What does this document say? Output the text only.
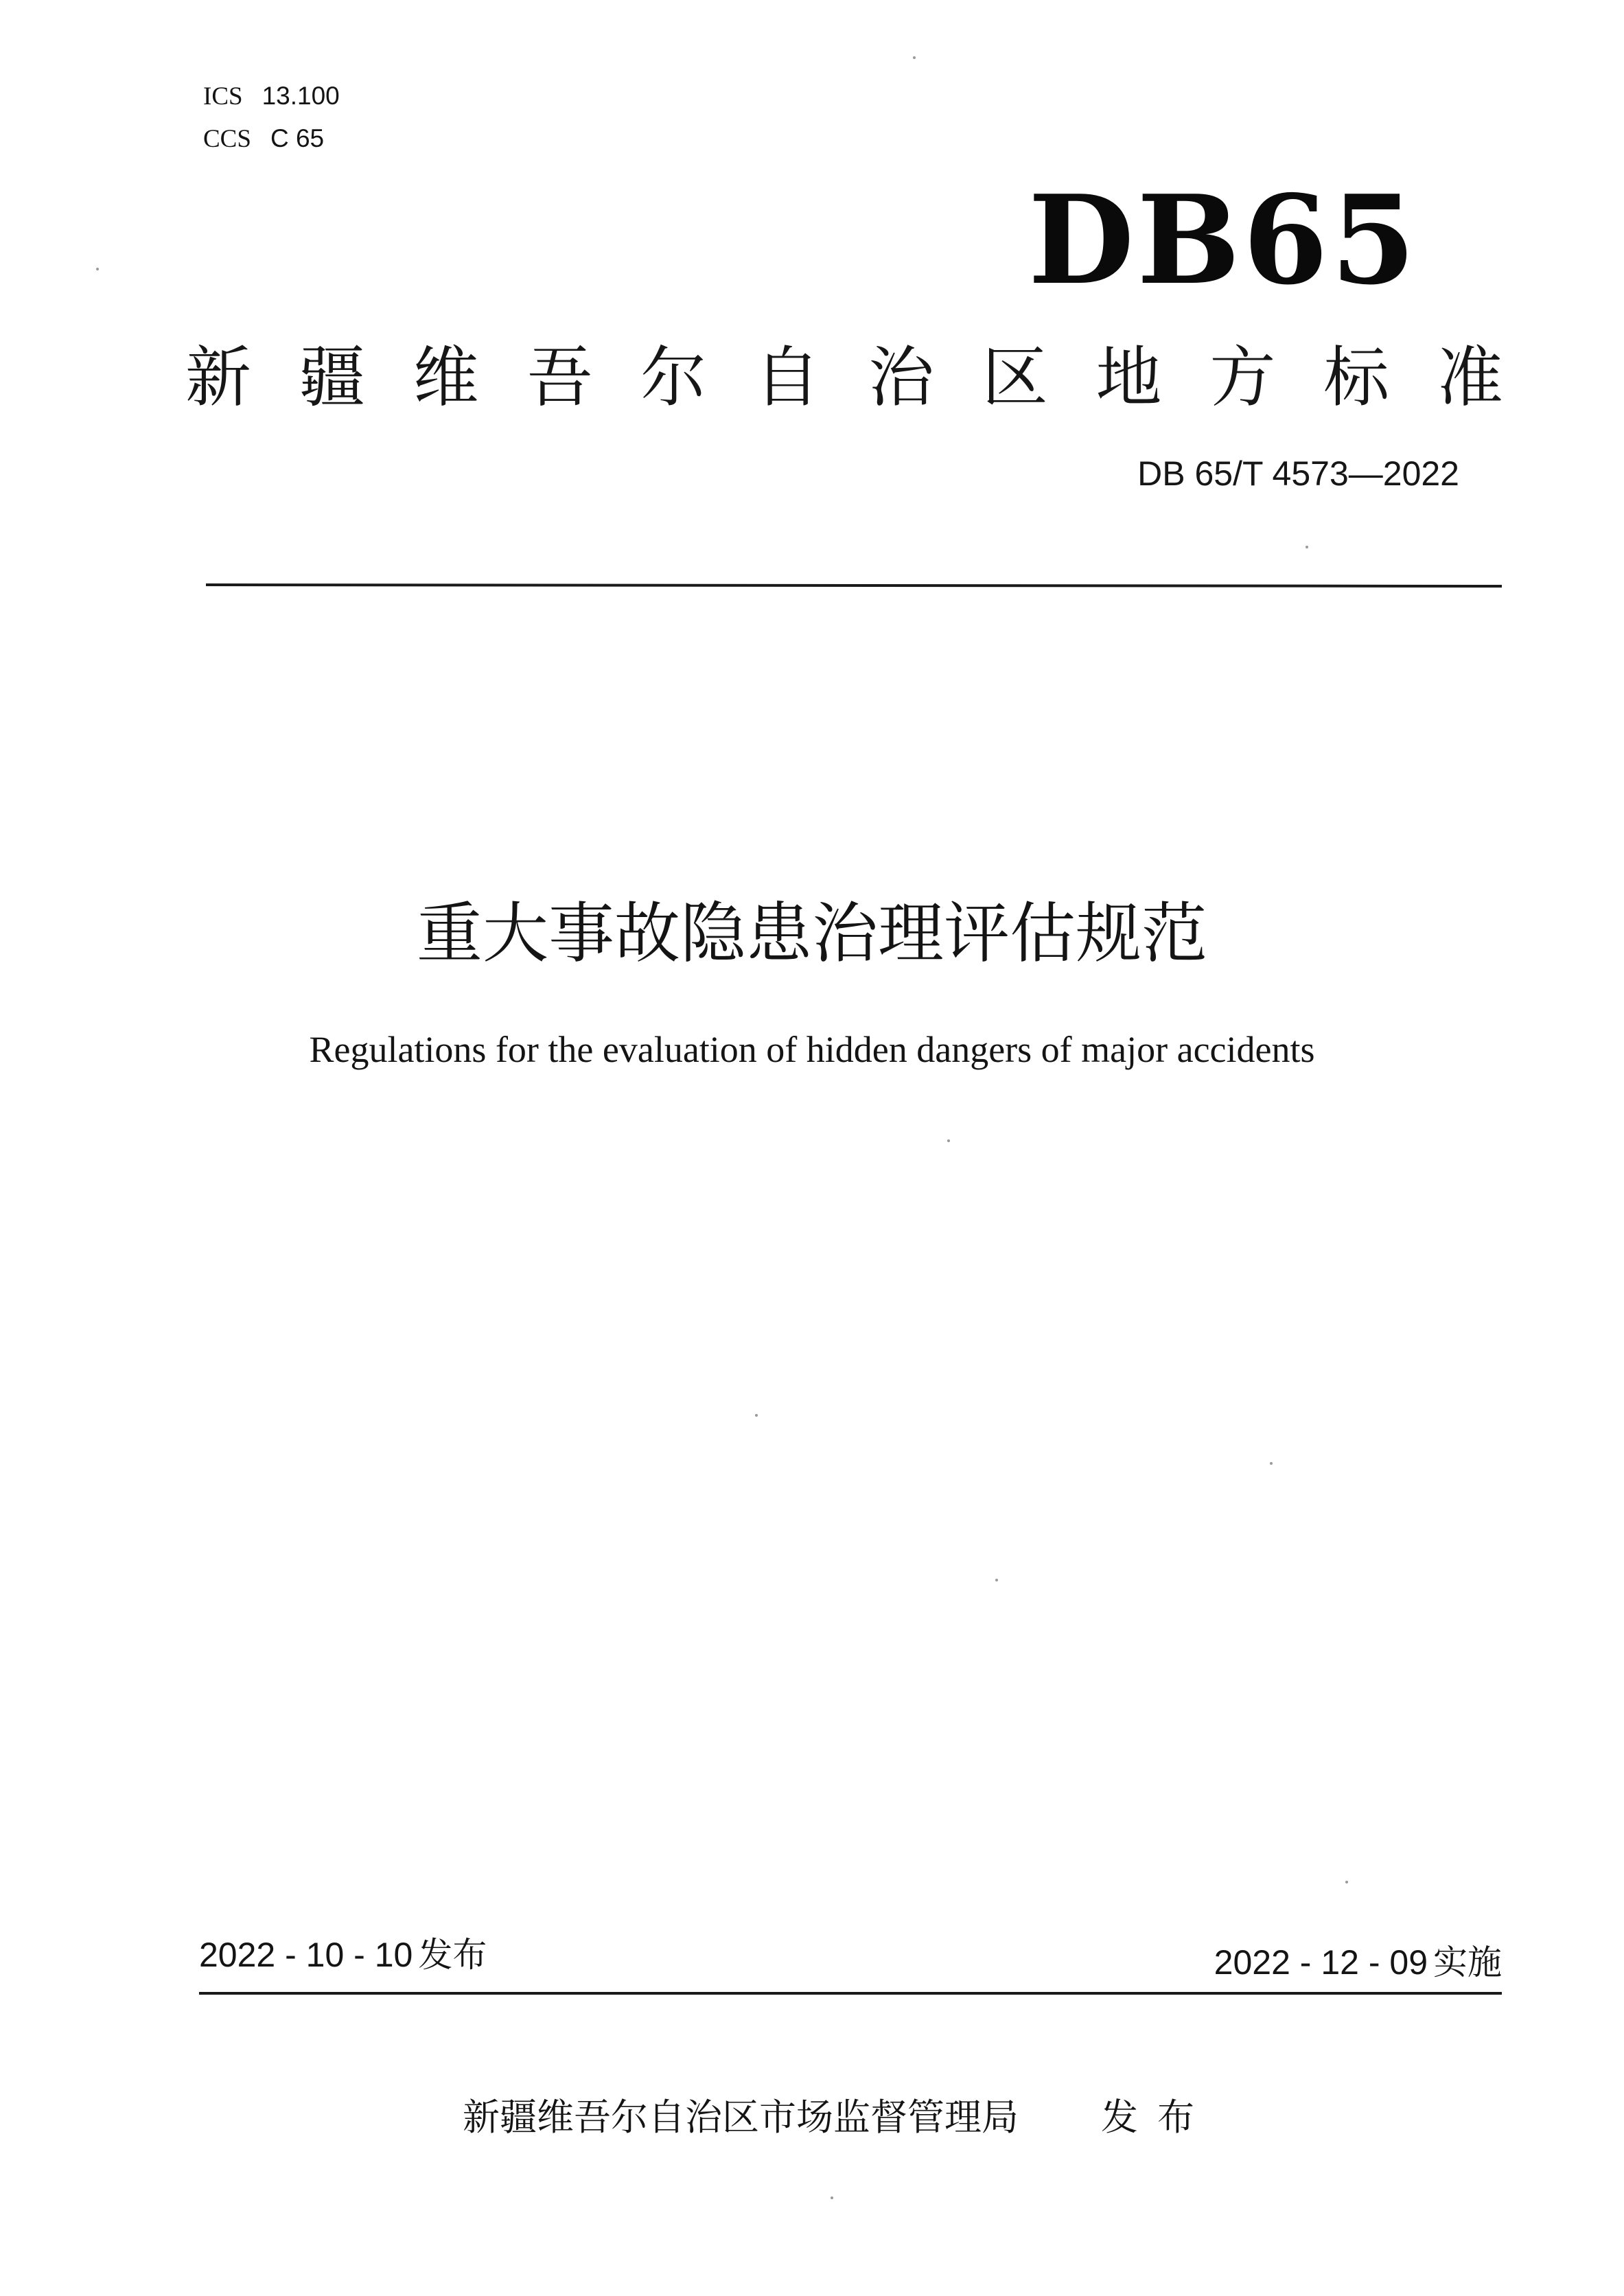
ICS 13.100
CCS C 65
DB65
新 疆 维 吾 尔 自 治 区 地 方 标 准
DB 65/T 4573—2022
重大事故隐患治理评估规范
Regulations for the evaluation of hidden dangers of major accidents
2022 - 10 - 10 发布	2022 - 12 - 09 实施
新疆维吾尔自治区市场监督管理局 发布
